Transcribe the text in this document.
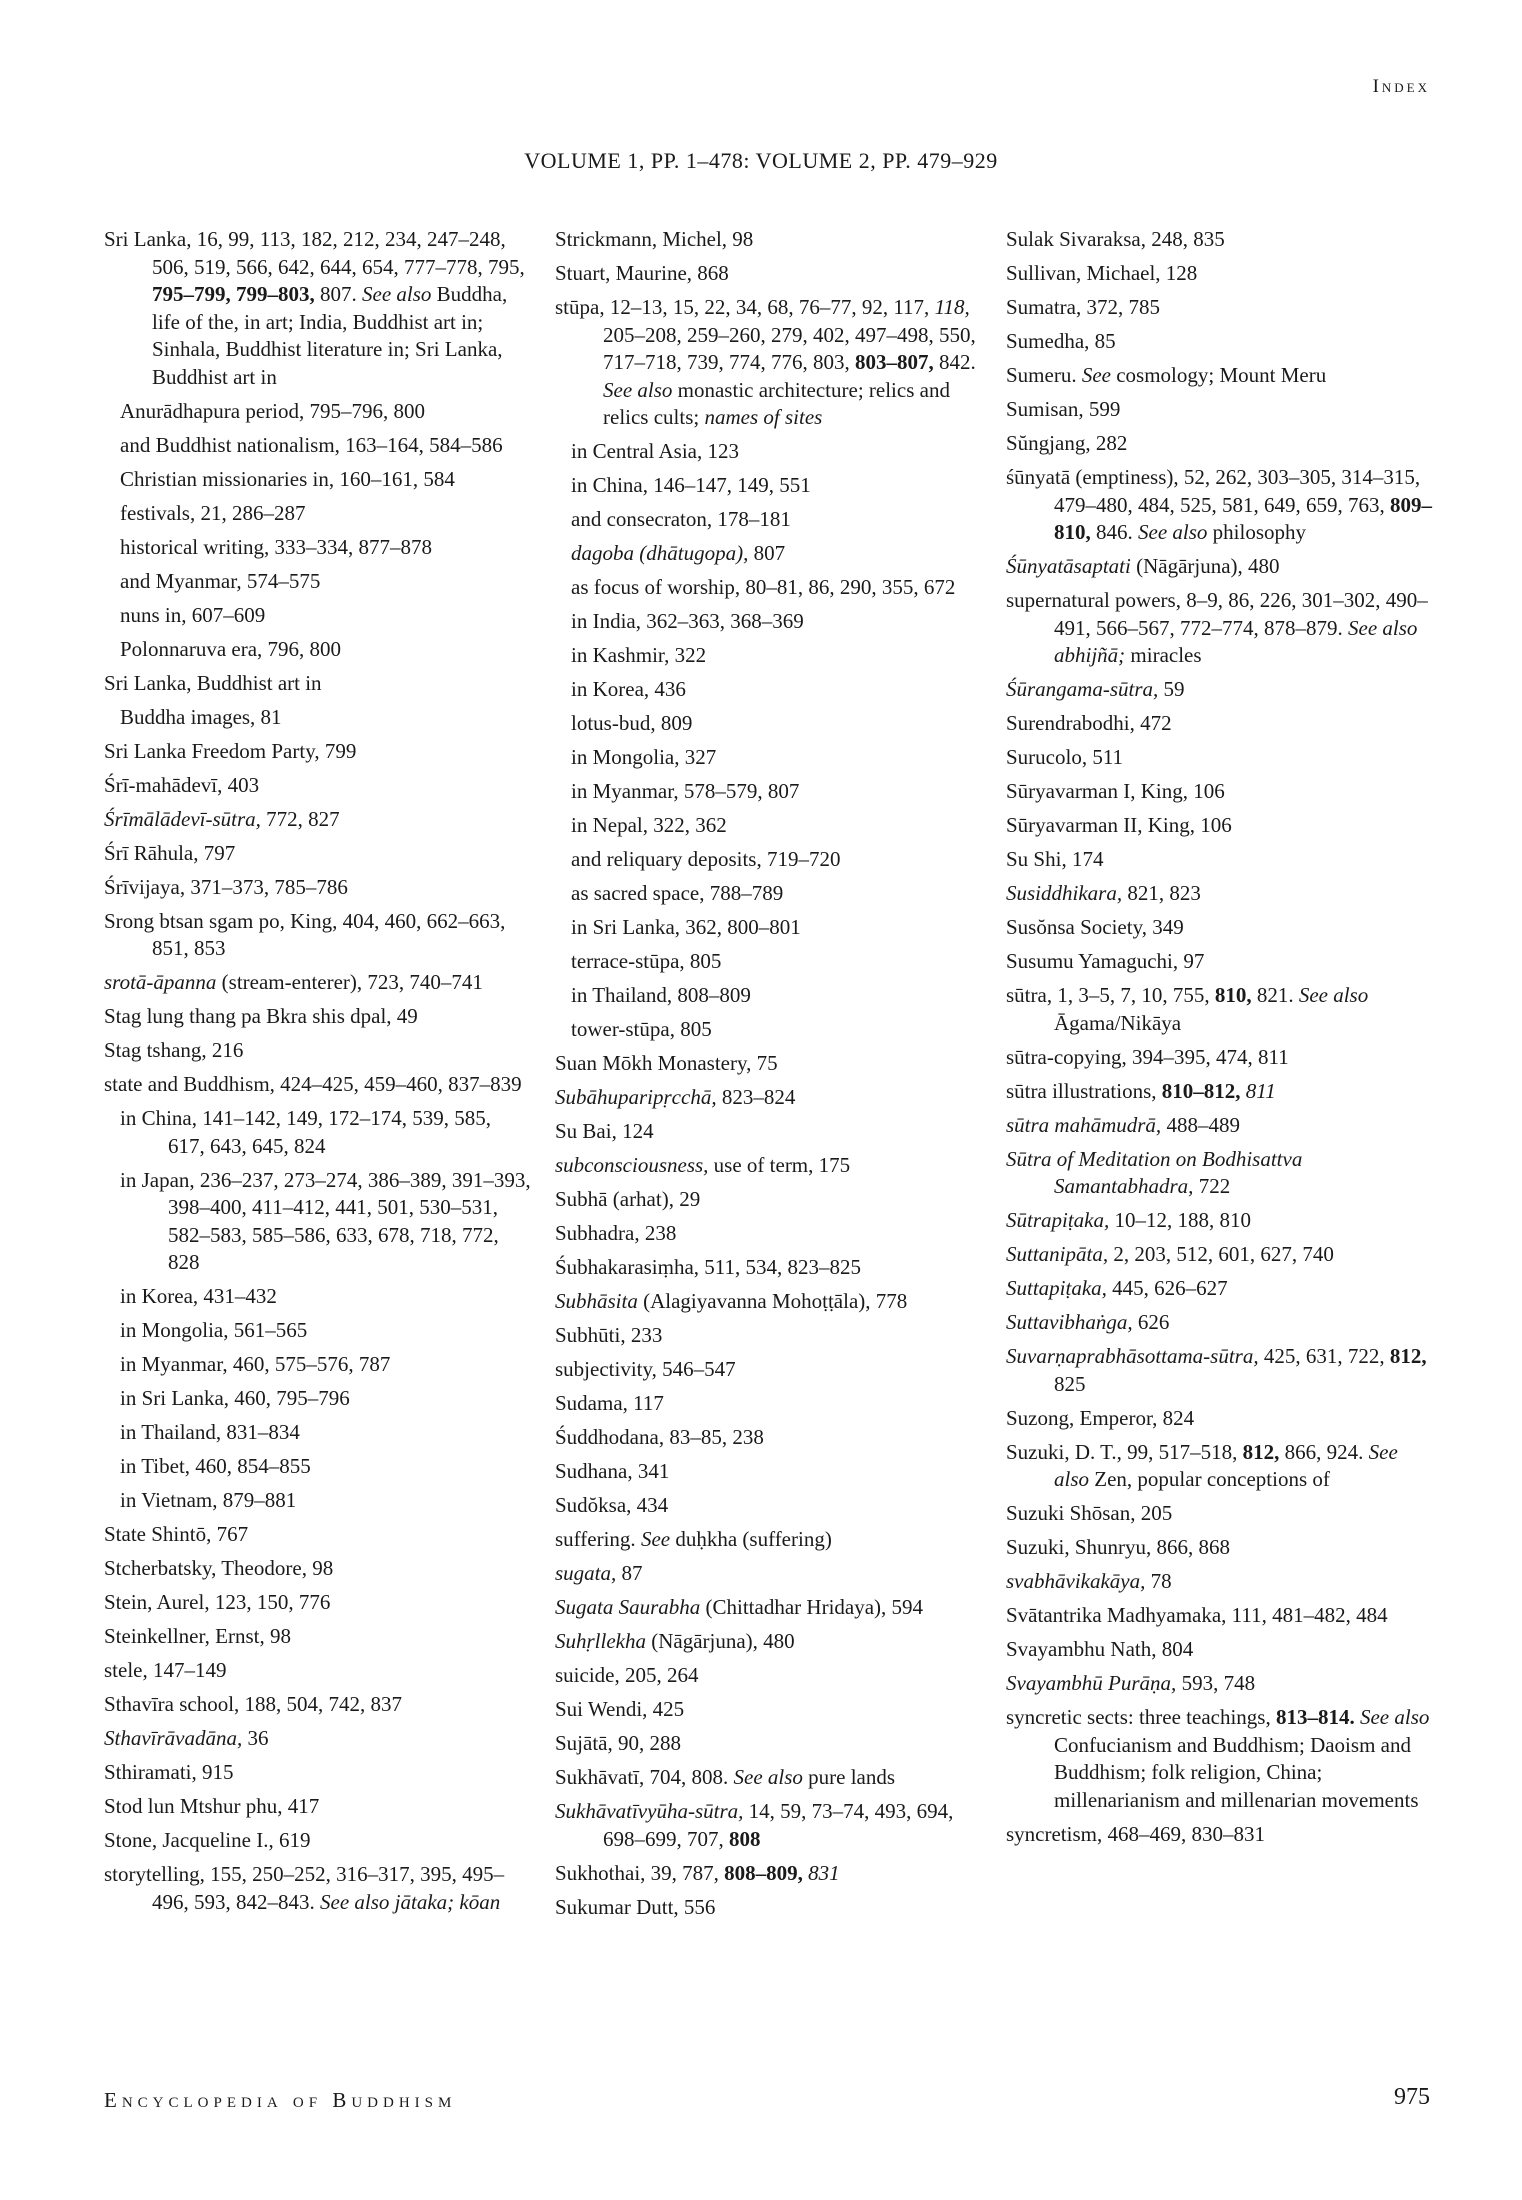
Index
VOLUME 1, PP. 1–478: VOLUME 2, PP. 479–929

Sri Lanka, 16, 99, 113, 182, 212, 234, 247–248, 506, 519, 566, 642, 644, 654, 777–778, 795, 795–799, 799–803, 807. See also Buddha, life of the, in art; India, Buddhist art in; Sinhala, Buddhist literature in; Sri Lanka, Buddhist art in

Anurādhapura period, 795–796, 800

and Buddhist nationalism, 163–164, 584–586

Christian missionaries in, 160–161, 584

festivals, 21, 286–287

historical writing, 333–334, 877–878

and Myanmar, 574–575

nuns in, 607–609

Polonnaruva era, 796, 800

Sri Lanka, Buddhist art in

Buddha images, 81

Sri Lanka Freedom Party, 799

Śrī-mahādevī, 403

Śrīmālādevī-sūtra, 772, 827

Śrī Rāhula, 797

Śrīvijaya, 371–373, 785–786

Srong btsan sgam po, King, 404, 460, 662–663, 851, 853

srotā-āpanna (stream-enterer), 723, 740–741

Stag lung thang pa Bkra shis dpal, 49

Stag tshang, 216

state and Buddhism, 424–425, 459–460, 837–839

in China, 141–142, 149, 172–174, 539, 585, 617, 643, 645, 824

in Japan, 236–237, 273–274, 386–389, 391–393, 398–400, 411–412, 441, 501, 530–531, 582–583, 585–586, 633, 678, 718, 772, 828

in Korea, 431–432

in Mongolia, 561–565

in Myanmar, 460, 575–576, 787

in Sri Lanka, 460, 795–796

in Thailand, 831–834

in Tibet, 460, 854–855

in Vietnam, 879–881

State Shintō, 767

Stcherbatsky, Theodore, 98

Stein, Aurel, 123, 150, 776

Steinkellner, Ernst, 98

stele, 147–149

Sthavīra school, 188, 504, 742, 837

Sthavīrāvadāna, 36

Sthiramati, 915

Stod lun Mtshur phu, 417

Stone, Jacqueline I., 619

storytelling, 155, 250–252, 316–317, 395, 495–496, 593, 842–843. See also jātaka; kōan

Strickmann, Michel, 98

Stuart, Maurine, 868

stūpa, 12–13, 15, 22, 34, 68, 76–77, 92, 117, 118, 205–208, 259–260, 279, 402, 497–498, 550, 717–718, 739, 774, 776, 803, 803–807, 842. See also monastic architecture; relics and relics cults; names of sites

in Central Asia, 123

in China, 146–147, 149, 551

and consecraton, 178–181

dagoba (dhātugopa), 807

as focus of worship, 80–81, 86, 290, 355, 672

in India, 362–363, 368–369

in Kashmir, 322

in Korea, 436

lotus-bud, 809

in Mongolia, 327

in Myanmar, 578–579, 807

in Nepal, 322, 362

and reliquary deposits, 719–720

as sacred space, 788–789

in Sri Lanka, 362, 800–801

terrace-stūpa, 805

in Thailand, 808–809

tower-stūpa, 805

Suan Mōkh Monastery, 75

Subāhuparipṛcchā, 823–824

Su Bai, 124

subconsciousness, use of term, 175

Subhā (arhat), 29

Subhadra, 238

Śubhakarasiṃha, 511, 534, 823–825

Subhāsita (Alagiyavanna Mohoṭṭāla), 778

Subhūti, 233

subjectivity, 546–547

Sudama, 117

Śuddhodana, 83–85, 238

Sudhana, 341

Sudŏksa, 434

suffering. See duḥkha (suffering)

sugata, 87

Sugata Saurabha (Chittadhar Hridaya), 594

Suhṛllekha (Nāgārjuna), 480

suicide, 205, 264

Sui Wendi, 425

Sujātā, 90, 288

Sukhāvatī, 704, 808. See also pure lands

Sukhāvatīvyūha-sūtra, 14, 59, 73–74, 493, 694, 698–699, 707, 808

Sukhothai, 39, 787, 808–809, 831

Sukumar Dutt, 556

Sulak Sivaraksa, 248, 835

Sullivan, Michael, 128

Sumatra, 372, 785

Sumedha, 85

Sumeru. See cosmology; Mount Meru

Sumisan, 599

Sŭngjang, 282

śūnyatā (emptiness), 52, 262, 303–305, 314–315, 479–480, 484, 525, 581, 649, 659, 763, 809–810, 846. See also philosophy

Śūnyatāsaptati (Nāgārjuna), 480

supernatural powers, 8–9, 86, 226, 301–302, 490–491, 566–567, 772–774, 878–879. See also abhijñā; miracles

Śūrangama-sūtra, 59

Surendrabodhi, 472

Surucolo, 511

Sūryavarman I, King, 106

Sūryavarman II, King, 106

Su Shi, 174

Susiddhikara, 821, 823

Susŏnsa Society, 349

Susumu Yamaguchi, 97

sūtra, 1, 3–5, 7, 10, 755, 810, 821. See also Āgama/Nikāya

sūtra-copying, 394–395, 474, 811

sūtra illustrations, 810–812, 811

sūtra mahāmudrā, 488–489

Sūtra of Meditation on Bodhisattva Samantabhadra, 722

Sūtrapiṭaka, 10–12, 188, 810

Suttanipāta, 2, 203, 512, 601, 627, 740

Suttapiṭaka, 445, 626–627

Suttavibhaṅga, 626

Suvarṇaprabhāsottama-sūtra, 425, 631, 722, 812, 825

Suzong, Emperor, 824

Suzuki, D. T., 99, 517–518, 812, 866, 924. See also Zen, popular conceptions of

Suzuki Shōsan, 205

Suzuki, Shunryu, 866, 868

svabhāvikakāya, 78

Svātantrika Madhyamaka, 111, 481–482, 484

Svayambhu Nath, 804

Svayambhū Purāṇa, 593, 748

syncretic sects: three teachings, 813–814. See also Confucianism and Buddhism; Daoism and Buddhism; folk religion, China; millenarianism and millenarian movements

syncretism, 468–469, 830–831

Encyclopedia of Buddhism	975
